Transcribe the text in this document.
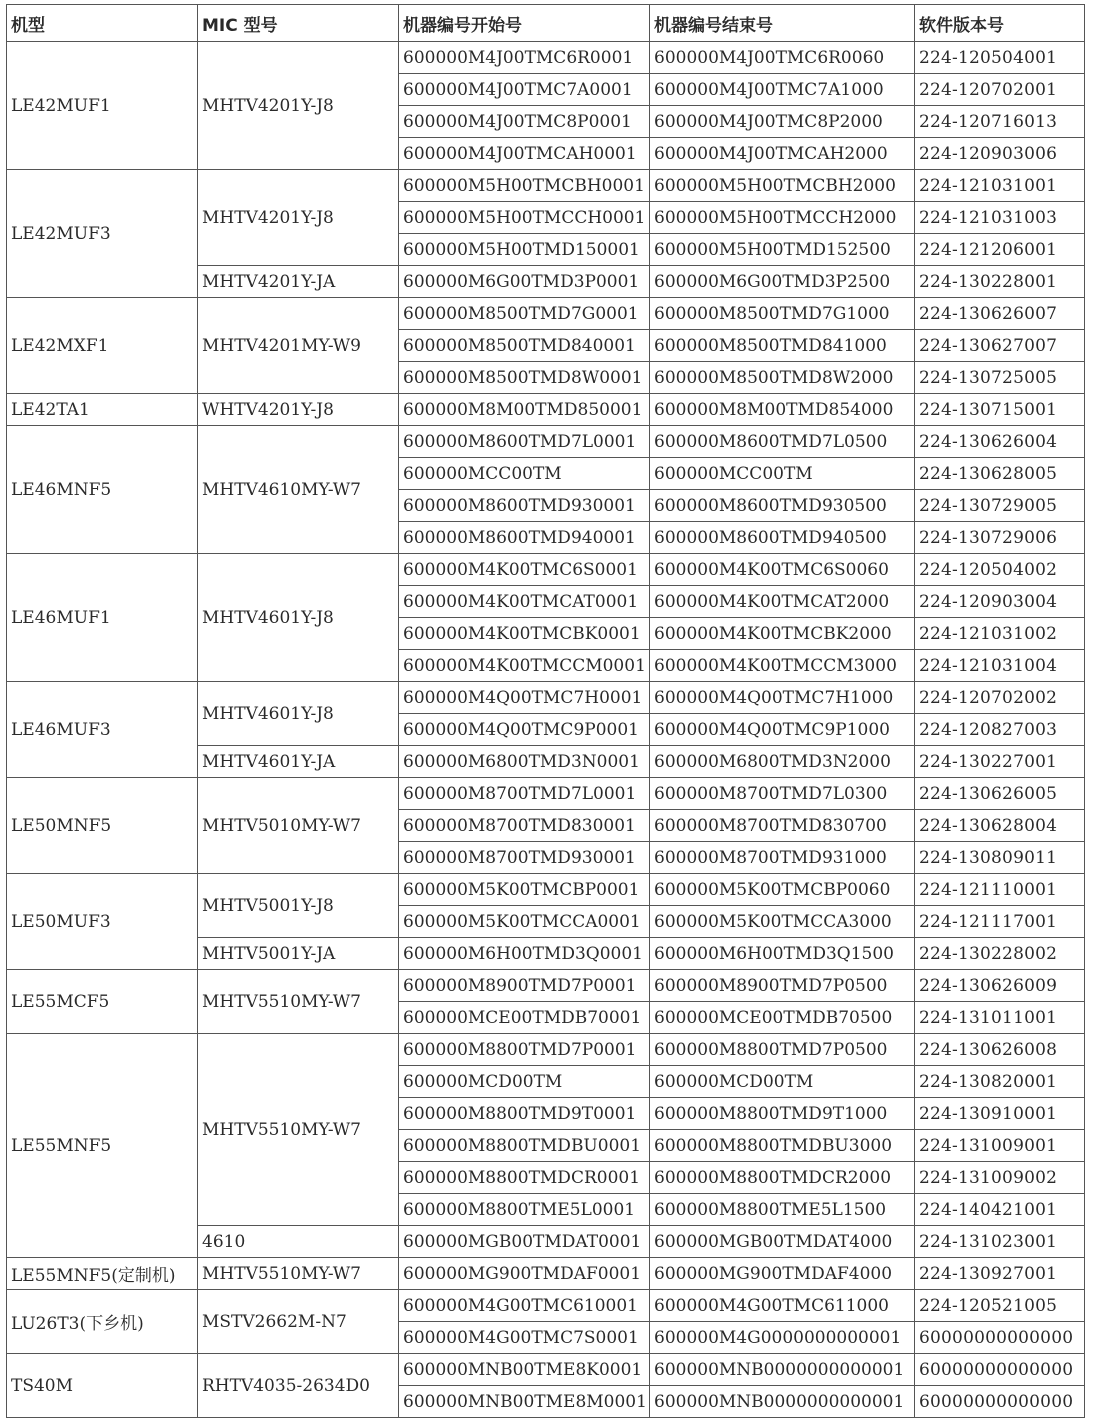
机型	MIC 型号	机器编号开始号	机器编号结束号	软件版本号
LE42MUF1	MHTV4201Y-J8	600000M4J00TMC6R0001	600000M4J00TMC6R0060	224-120504001
		600000M4J00TMC7A0001	600000M4J00TMC7A1000	224-120702001
		600000M4J00TMC8P0001	600000M4J00TMC8P2000	224-120716013
		600000M4J00TMCAH0001	600000M4J00TMCAH2000	224-120903006
LE42MUF3	MHTV4201Y-J8	600000M5H00TMCBH0001	600000M5H00TMCBH2000	224-121031001
		600000M5H00TMCCH0001	600000M5H00TMCCH2000	224-121031003
		600000M5H00TMD150001	600000M5H00TMD152500	224-121206001
	MHTV4201Y-JA	600000M6G00TMD3P0001	600000M6G00TMD3P2500	224-130228001
LE42MXF1	MHTV4201MY-W9	600000M8500TMD7G0001	600000M8500TMD7G1000	224-130626007
		600000M8500TMD840001	600000M8500TMD841000	224-130627007
		600000M8500TMD8W0001	600000M8500TMD8W2000	224-130725005
LE42TA1	WHTV4201Y-J8	600000M8M00TMD850001	600000M8M00TMD854000	224-130715001
LE46MNF5	MHTV4610MY-W7	600000M8600TMD7L0001	600000M8600TMD7L0500	224-130626004
		600000MCC00TM	600000MCC00TM	224-130628005
		600000M8600TMD930001	600000M8600TMD930500	224-130729005
		600000M8600TMD940001	600000M8600TMD940500	224-130729006
LE46MUF1	MHTV4601Y-J8	600000M4K00TMC6S0001	600000M4K00TMC6S0060	224-120504002
		600000M4K00TMCAT0001	600000M4K00TMCAT2000	224-120903004
		600000M4K00TMCBK0001	600000M4K00TMCBK2000	224-121031002
		600000M4K00TMCCM0001	600000M4K00TMCCM3000	224-121031004
LE46MUF3	MHTV4601Y-J8	600000M4Q00TMC7H0001	600000M4Q00TMC7H1000	224-120702002
		600000M4Q00TMC9P0001	600000M4Q00TMC9P1000	224-120827003
	MHTV4601Y-JA	600000M6800TMD3N0001	600000M6800TMD3N2000	224-130227001
LE50MNF5	MHTV5010MY-W7	600000M8700TMD7L0001	600000M8700TMD7L0300	224-130626005
		600000M8700TMD830001	600000M8700TMD830700	224-130628004
		600000M8700TMD930001	600000M8700TMD931000	224-130809011
LE50MUF3	MHTV5001Y-J8	600000M5K00TMCBP0001	600000M5K00TMCBP0060	224-121110001
		600000M5K00TMCCA0001	600000M5K00TMCCA3000	224-121117001
	MHTV5001Y-JA	600000M6H00TMD3Q0001	600000M6H00TMD3Q1500	224-130228002
LE55MCF5	MHTV5510MY-W7	600000M8900TMD7P0001	600000M8900TMD7P0500	224-130626009
		600000MCE00TMDB70001	600000MCE00TMDB70500	224-131011001
LE55MNF5	MHTV5510MY-W7	600000M8800TMD7P0001	600000M8800TMD7P0500	224-130626008
		600000MCD00TM	600000MCD00TM	224-130820001
		600000M8800TMD9T0001	600000M8800TMD9T1000	224-130910001
		600000M8800TMDBU0001	600000M8800TMDBU3000	224-131009001
		600000M8800TMDCR0001	600000M8800TMDCR2000	224-131009002
		600000M8800TME5L0001	600000M8800TME5L1500	224-140421001
	4610	600000MGB00TMDAT0001	600000MGB00TMDAT4000	224-131023001
LE55MNF5(定制机)	MHTV5510MY-W7	600000MG900TMDAF0001	600000MG900TMDAF4000	224-130927001
LU26T3(下乡机)	MSTV2662M-N7	600000M4G00TMC610001	600000M4G00TMC611000	224-120521005
		600000M4G00TMC7S0001	600000M4G0000000000001	60000000000000
TS40M	RHTV4035-2634D0	600000MNB00TME8K0001	600000MNB0000000000001	60000000000000
		600000MNB00TME8M0001	600000MNB0000000000001	60000000000000
